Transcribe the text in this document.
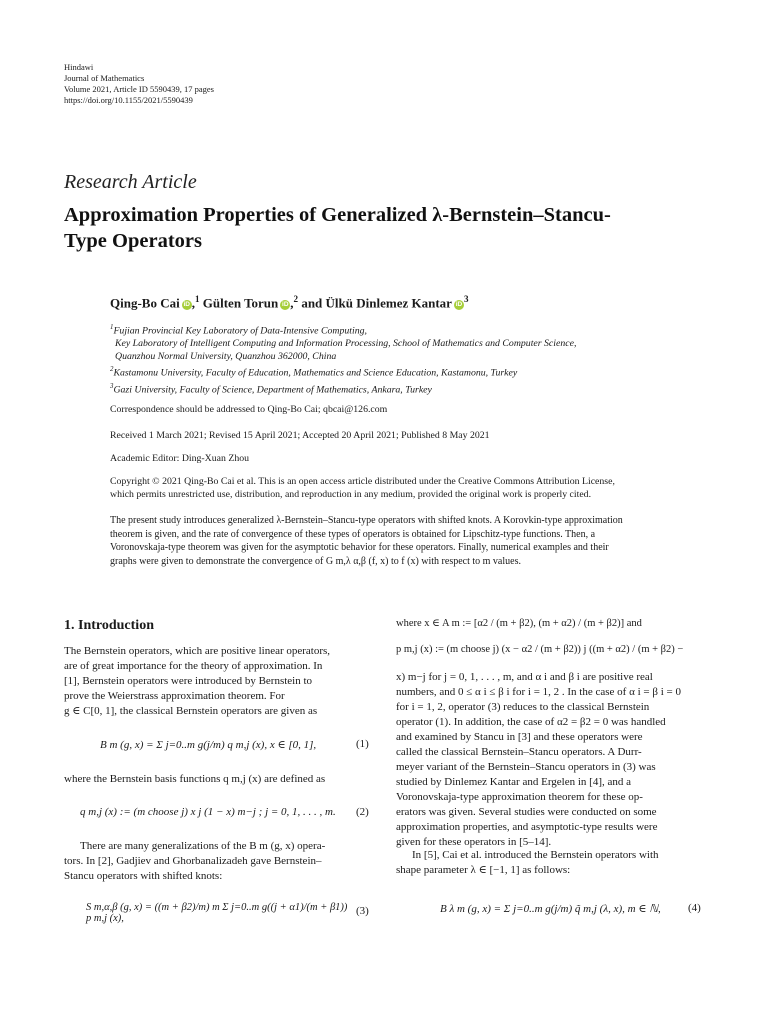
Hindawi
Journal of Mathematics
Volume 2021, Article ID 5590439, 17 pages
https://doi.org/10.1155/2021/5590439
Research Article
Approximation Properties of Generalized λ-Bernstein–Stancu-
Type Operators
Qing-Bo Cai iD ,$^1$ Gülten Torun iD ,$^2$ and Ülkü Dinlemez Kantar $iD^3$
$^1$Fujian Provincial Key Laboratory of Data-Intensive Computing,
Key Laboratory of Intelligent Computing and Information Processing, School of Mathematics and Computer Science,
Quanzhou Normal University, Quanzhou 362000, China
$^2$Kastamonu University, Faculty of Education, Mathematics and Science Education, Kastamonu, Turkey
$^3$Gazi University, Faculty of Science, Department of Mathematics, Ankara, Turkey
Correspondence should be addressed to Qing-Bo Cai; qbcai@126.com
Received 1 March 2021; Revised 15 April 2021; Accepted 20 April 2021; Published 8 May 2021
Academic Editor: Ding-Xuan Zhou
Copyright © 2021 Qing-Bo Cai et al. This is an open access article distributed under the Creative Commons Attribution License,
which permits unrestricted use, distribution, and reproduction in any medium, provided the original work is properly cited.
The present study introduces generalized λ-Bernstein–Stancu-type operators with shifted knots. A Korovkin-type approximation
theorem is given, and the rate of convergence of these types of operators is obtained for Lipschitz-type functions. Then, a
Voronovskaja-type theorem was given for the asymptotic behavior for these operators. Finally, numerical examples and their
graphs were given to demonstrate the convergence of G m,λ α,β (f, x) to f (x) with respect to m values.
1. Introduction
The Bernstein operators, which are positive linear operators,
are of great importance for the theory of approximation. In
[1], Bernstein operators were introduced by Bernstein to
prove the Weierstrass approximation theorem. For
g ∈ C[0, 1], the classical Bernstein operators are given as
B m (g, x) = Σ j=0..m g(j/m) q m,j (x), x ∈ [0, 1],	(1)
where the Bernstein basis functions q m,j (x) are defined as
q m,j (x) := (m choose j) x j (1 − x) m−j ; j = 0, 1, . . . , m.	(2)
There are many generalizations of the B m (g, x) opera-
tors. In [2], Gadjiev and Ghorbanalizadeh gave Bernstein–
Stancu operators with shifted knots:
S m,α,β (g, x) = ((m + β2)/m) m Σ j=0..m g((j + α1)/(m + β1)) p m,j (x),
(3)
where x ∈ A m := [α2 / (m + β2), (m + α2) / (m + β2)] and
p m,j (x) := (m choose j) (x − α2 / (m + β2)) j ((m + α2) / (m + β2) −
x) m−j for j = 0, 1, . . . , m, and α i and β i are positive real
numbers, and 0 ≤ α i ≤ β i for i = 1, 2 . In the case of α i = β i = 0
for i = 1, 2, operator (3) reduces to the classical Bernstein
operator (1). In addition, the case of α2 = β2 = 0 was handled
and examined by Stancu in [3] and these operators were
called the classical Bernstein–Stancu operators. A Durr-
meyer variant of the Bernstein–Stancu operators in (3) was
studied by Dinlemez Kantar and Ergelen in [4], and a
Voronovskaja-type approximation theorem for these op-
erators was given. Several studies were conducted on some
approximation properties, and asymptotic-type results were
given for these operators in [5–14].
In [5], Cai et al. introduced the Bernstein operators with
shape parameter λ ∈ [−1, 1] as follows:
B λ m (g, x) = Σ j=0..m g(j/m) q̃ m,j (λ, x), m ∈ ℕ,	(4)
